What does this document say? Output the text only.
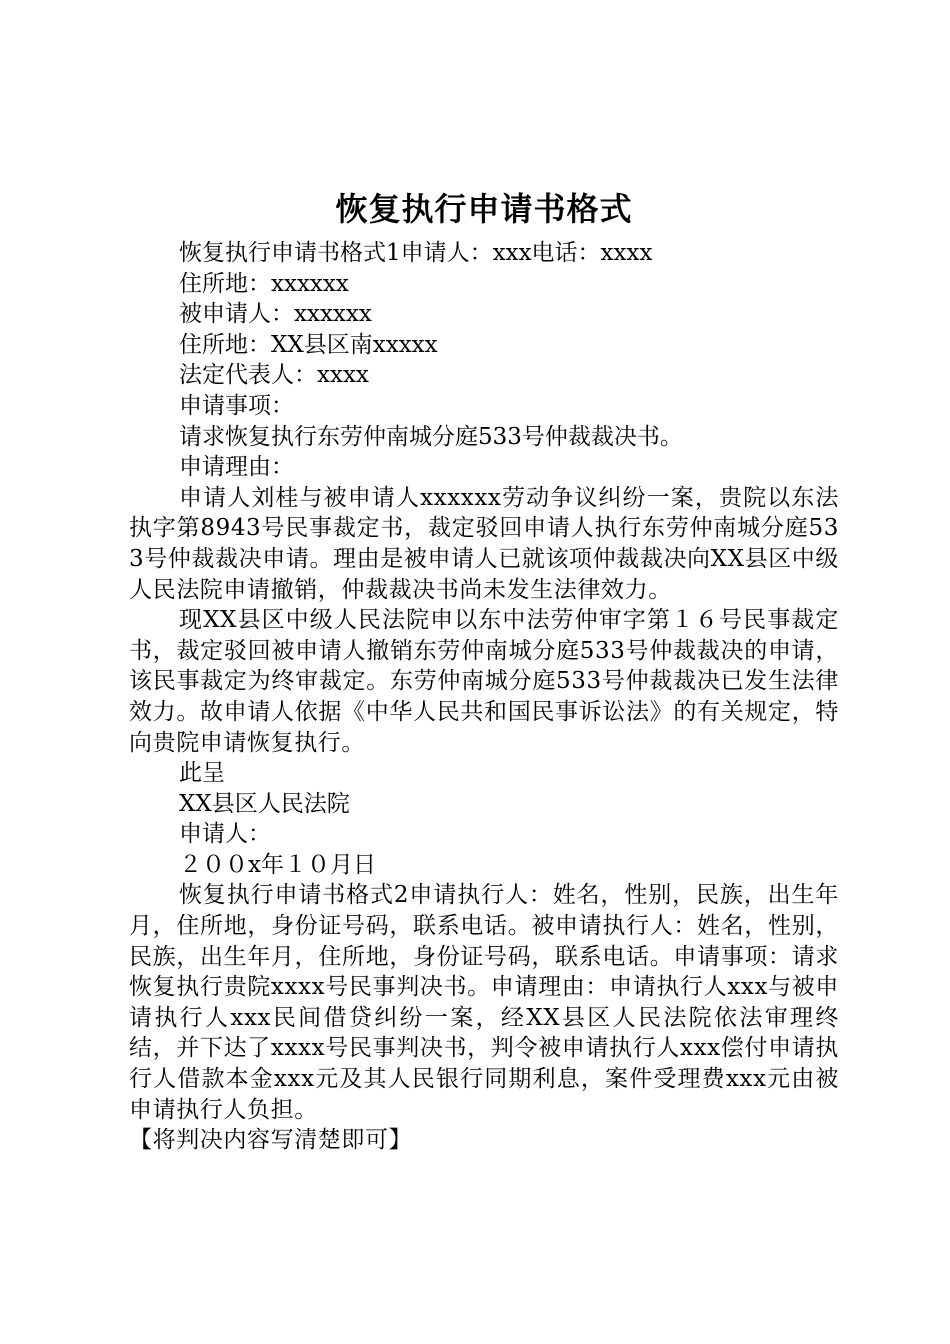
恢复执行申请书格式

恢复执行申请书格式1申请人：xxx电话：xxxx

住所地：xxxxxx

被申请人：xxxxxx

住所地：XX县区南xxxxx

法定代表人：xxxx

申请事项：

请求恢复执行东劳仲南城分庭533号仲裁裁决书。

申请理由：

申请人刘桂与被申请人xxxxxx劳动争议纠纷一案，贵院以东法执字第8943号民事裁定书，裁定驳回申请人执行东劳仲南城分庭533号仲裁裁决申请。理由是被申请人已就该项仲裁裁决向XX县区中级人民法院申请撤销，仲裁裁决书尚未发生法律效力。

现XX县区中级人民法院申以东中法劳仲审字第１６号民事裁定书，裁定驳回被申请人撤销东劳仲南城分庭533号仲裁裁决的申请，该民事裁定为终审裁定。东劳仲南城分庭533号仲裁裁决已发生法律效力。故申请人依据《中华人民共和国民事诉讼法》的有关规定，特向贵院申请恢复执行。

此呈

XX县区人民法院

申请人：

２００x年１０月日

恢复执行申请书格式2申请执行人：姓名，性别，民族，出生年月，住所地，身份证号码，联系电话。被申请执行人：姓名，性别，民族，出生年月，住所地，身份证号码，联系电话。申请事项：请求恢复执行贵院xxxx号民事判决书。申请理由：申请执行人xxx与被申请执行人xxx民间借贷纠纷一案，经XX县区人民法院依法审理终结，并下达了xxxx号民事判决书，判令被申请执行人xxx偿付申请执行人借款本金xxx元及其人民银行同期利息，案件受理费xxx元由被申请执行人负担。

【将判决内容写清楚即可】
